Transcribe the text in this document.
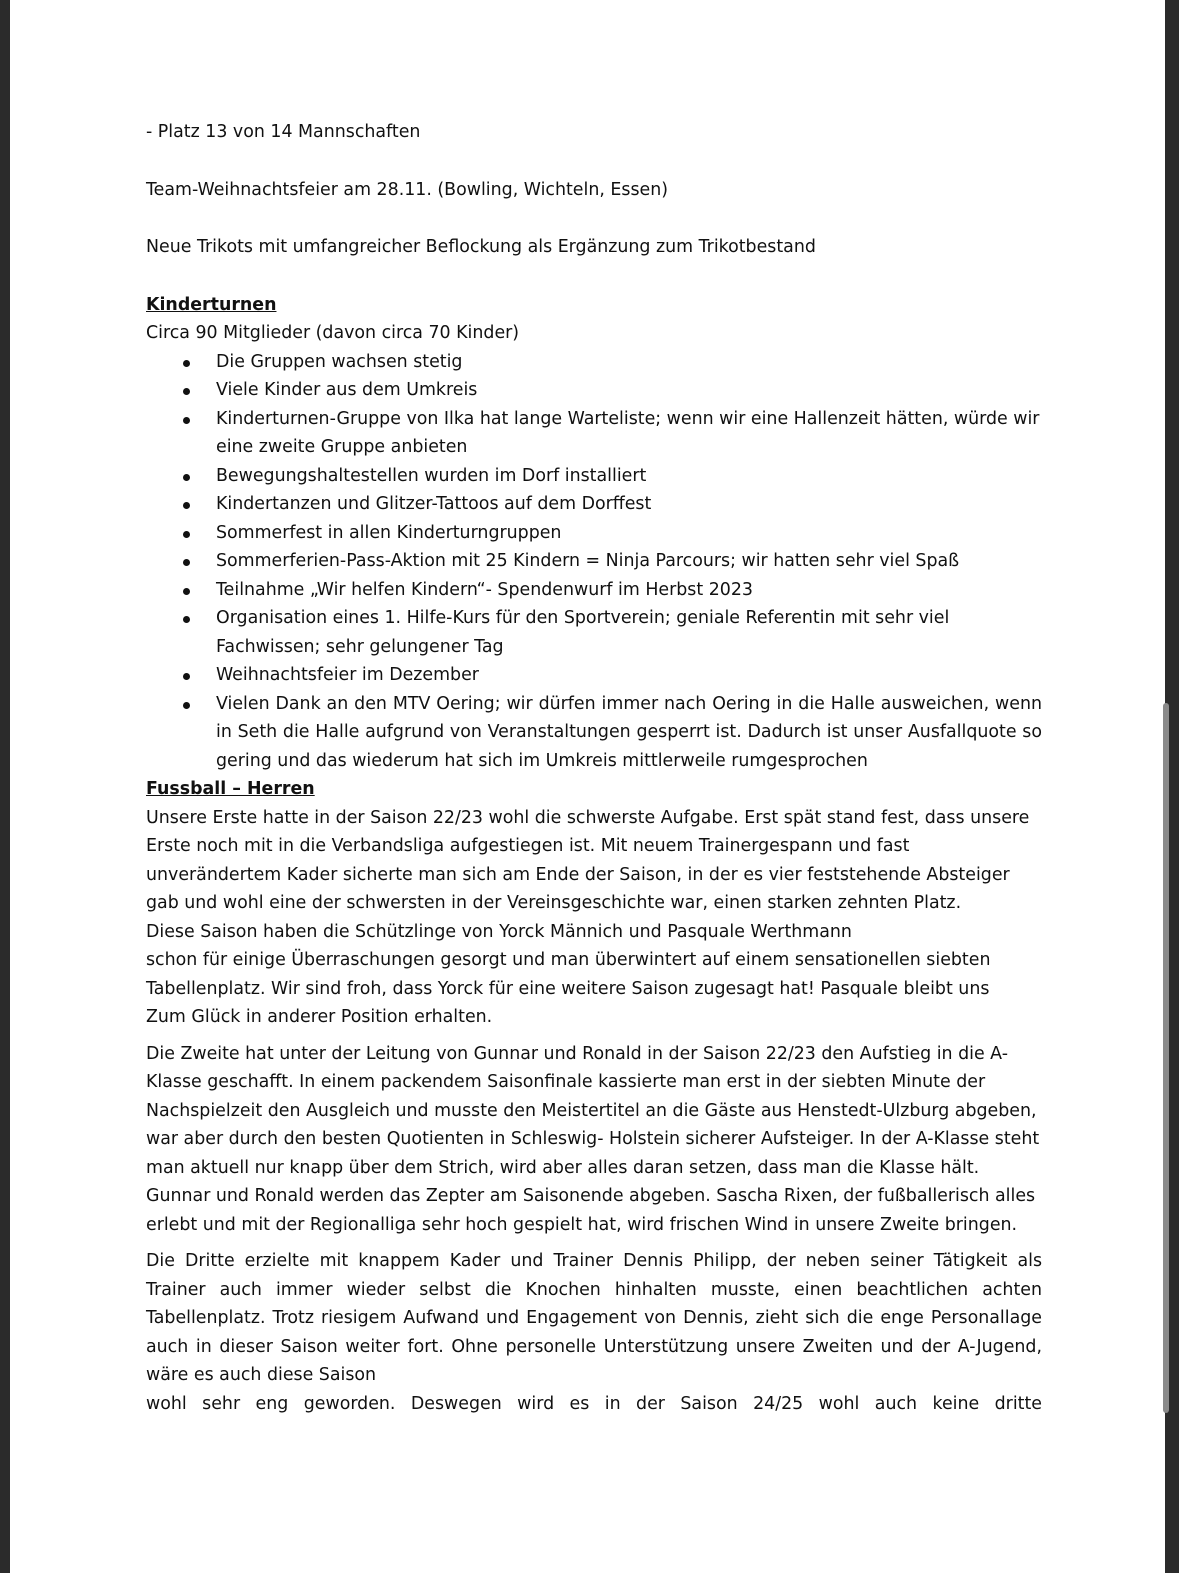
- Platz 13 von 14 Mannschaften

Team-Weihnachtsfeier am 28.11. (Bowling, Wichteln, Essen)

Neue Trikots mit umfangreicher Beflockung als Ergänzung zum Trikotbestand

Kinderturnen

Circa 90 Mitglieder (davon circa 70 Kinder)

Die Gruppen wachsen stetig
Viele Kinder aus dem Umkreis
Kinderturnen-Gruppe von Ilka hat lange Warteliste; wenn wir eine Hallenzeit hätten, würde wir eine zweite Gruppe anbieten
Bewegungshaltestellen wurden im Dorf installiert
Kindertanzen und Glitzer-Tattoos auf dem Dorffest
Sommerfest in allen Kinderturngruppen
Sommerferien-Pass-Aktion mit 25 Kindern = Ninja Parcours; wir hatten sehr viel Spaß
Teilnahme „Wir helfen Kindern“- Spendenwurf im Herbst 2023
Organisation eines 1. Hilfe-Kurs für den Sportverein; geniale Referentin mit sehr viel Fachwissen; sehr gelungener Tag
Weihnachtsfeier im Dezember
Vielen Dank an den MTV Oering; wir dürfen immer nach Oering in die Halle ausweichen, wenn in Seth die Halle aufgrund von Veranstaltungen gesperrt ist. Dadurch ist unser Ausfallquote so gering und das wiederum hat sich im Umkreis mittlerweile rumgesprochen

Fussball – Herren

Unsere Erste hatte in der Saison 22/23 wohl die schwerste Aufgabe. Erst spät stand fest, dass unsere Erste noch mit in die Verbandsliga aufgestiegen ist. Mit neuem Trainergespann und fast unverändertem Kader sicherte man sich am Ende der Saison, in der es vier feststehende Absteiger gab und wohl eine der schwersten in der Vereinsgeschichte war, einen starken zehnten Platz.

Diese Saison haben die Schützlinge von Yorck Männich und Pasquale Werthmann

schon für einige Überraschungen gesorgt und man überwintert auf einem sensationellen siebten

Tabellenplatz. Wir sind froh, dass Yorck für eine weitere Saison zugesagt hat! Pasquale bleibt uns

Zum Glück in anderer Position erhalten.

Die Zweite hat unter der Leitung von Gunnar und Ronald in der Saison 22/23 den Aufstieg in die A-Klasse geschafft. In einem packendem Saisonfinale kassierte man erst in der siebten Minute der Nachspielzeit den Ausgleich und musste den Meistertitel an die Gäste aus Henstedt-Ulzburg abgeben, war aber durch den besten Quotienten in Schleswig- Holstein sicherer Aufsteiger. In der A-Klasse steht man aktuell nur knapp über dem Strich, wird aber alles daran setzen, dass man die Klasse hält.

Gunnar und Ronald werden das Zepter am Saisonende abgeben. Sascha Rixen, der fußballerisch alles erlebt und mit der Regionalliga sehr hoch gespielt hat, wird frischen Wind in unsere Zweite bringen.

Die Dritte erzielte mit knappem Kader und Trainer Dennis Philipp, der neben seiner Tätigkeit als Trainer auch immer wieder selbst die Knochen hinhalten musste, einen beachtlichen achten Tabellenplatz. Trotz riesigem Aufwand und Engagement von Dennis, zieht sich die enge Personallage auch in dieser Saison weiter fort. Ohne personelle Unterstützung unsere Zweiten und der A-Jugend, wäre es auch diese Saison

wohl sehr eng geworden. Deswegen wird es in der Saison 24/25 wohl auch keine dritte
